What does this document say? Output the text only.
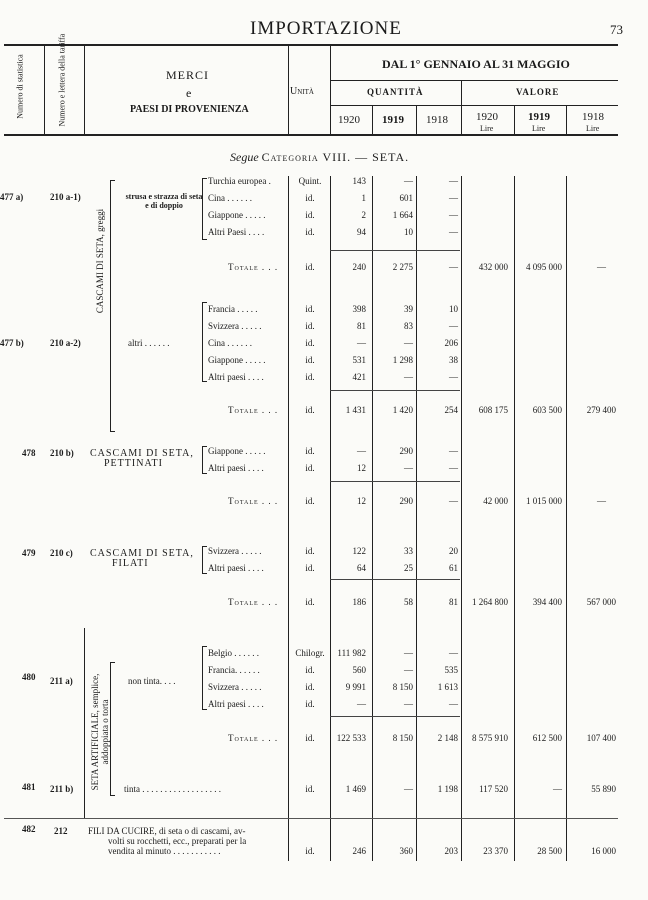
IMPORTAZIONE	73
Numero di statistica	Numero e lettera della tariffa	MERCI
e
PAESI DI PROVENIENZA
Unità
DAL 1° GENNAIO AL 31 MAGGIO
QUANTITÀ	VALORE
1920 1919 1918	1920	1919	1918
Lire	Lire	Lire
Segue Categoria VIII. — SETA.
CASCAMI DI SETA, greggi
SETA ARTIFICIALE, semplice, addoppiata o torta
477 a)	210 a-1)	strusa e strazza di seta e di doppio
Turchia europea .	Quint.	143	—	—
Cina . . . . . .	id.	1	601	—
Giappone . . . . .	id.	2	1 664	—
Altri Paesi . . . .	id.	94	10	—
Totale . . .	id.	240	2 275	—	432 000	4 095 000	—
477 b)	210 a-2)	altri . . . . . .
Francia . . . . .	id.	398	39	10
Svizzera . . . . .	id.	81	83	—
Cina . . . . . .	id.	—	—	206
Giappone . . . . .	id.	531	1 298	38
Altri paesi . . . .	id.	421	—	—
Totale . . .	id.	1 431	1 420	254	608 175	603 500	279 400
478 210 b) CASCAMI DI SETA,
PETTINATI
Giappone . . . . .	id.	—	290	—
Altri paesi . . . .	id.	12	—	—
Totale . . .	id.	12	290	—	42 000	1 015 000	—
479 210 c) CASCAMI DI SETA,
FILATI
Svizzera . . . . .	id.	122	33	20
Altri paesi . . . .	id.	64	25	61
Totale . . .	id.	186	58	81	1 264 800	394 400	567 000
480 211 a)	non tinta. . . .
Belgio . . . . . .	Chilogr.	111 982	—	—
Francia. . . . . .	id.	560	—	535
Svizzera . . . . .	id.	9 991	8 150	1 613
Altri paesi . . . .	id.	—	—	—
Totale . . .	id.	122 533	8 150	2 148	8 575 910	612 500	107 400
481 211 b)	tinta . . . . . . . . . . . . . . . . . .	id.	1 469	—	1 198	117 520	—	55 890
482 212 FILI DA CUCIRE, di seta o di cascami, av-
volti su rocchetti, ecc., preparati per la
vendita al minuto . . . . . . . . . . .	id.	246	360	203	23 370	28 500	16 000
